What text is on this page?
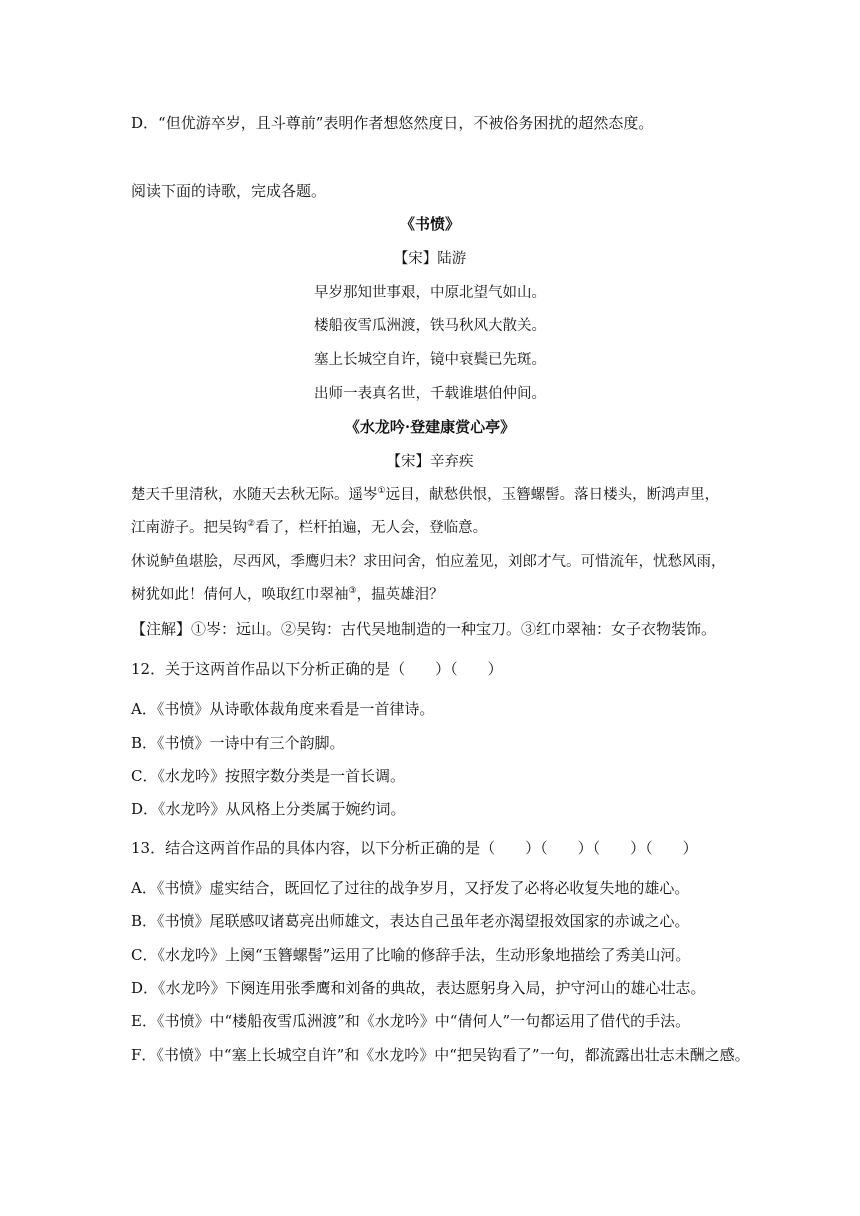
D．“但优游卒岁，且斗尊前”表明作者想悠然度日，不被俗务困扰的超然态度。
阅读下面的诗歌，完成各题。
《书愤》
【宋】陆游
早岁那知世事艰，中原北望气如山。
楼船夜雪瓜洲渡，铁马秋风大散关。
塞上长城空自许，镜中衰鬓已先斑。
出师一表真名世，千载谁堪伯仲间。
《水龙吟·登建康赏心亭》
【宋】辛弃疾
楚天千里清秋，水随天去秋无际。遥岑①远目，献愁供恨，玉簪螺髻。落日楼头，断鸿声里，
江南游子。把吴钩②看了，栏杆拍遍，无人会，登临意。
休说鲈鱼堪脍，尽西风，季鹰归未？求田问舍，怕应羞见，刘郎才气。可惜流年，忧愁风雨，
树犹如此！倩何人，唤取红巾翠袖③，揾英雄泪？
【注解】①岑：远山。②吴钩：古代吴地制造的一种宝刀。③红巾翠袖：女子衣物装饰。
12．关于这两首作品以下分析正确的是（　　）（　　）
A．《书愤》从诗歌体裁角度来看是一首律诗。
B．《书愤》一诗中有三个韵脚。
C．《水龙吟》按照字数分类是一首长调。
D．《水龙吟》从风格上分类属于婉约词。
13．结合这两首作品的具体内容，以下分析正确的是（　　）（　　）（　　）（　　）
A．《书愤》虚实结合，既回忆了过往的战争岁月，又抒发了必将必收复失地的雄心。
B．《书愤》尾联感叹诸葛亮出师雄文，表达自己虽年老亦渴望报效国家的赤诚之心。
C．《水龙吟》上阕“玉簪螺髻”运用了比喻的修辞手法，生动形象地描绘了秀美山河。
D．《水龙吟》下阕连用张季鹰和刘备的典故，表达愿躬身入局，护守河山的雄心壮志。
E．《书愤》中“楼船夜雪瓜洲渡”和《水龙吟》中“倩何人”一句都运用了借代的手法。
F．《书愤》中“塞上长城空自许”和《水龙吟》中“把吴钩看了”一句，都流露出壮志未酬之感。
